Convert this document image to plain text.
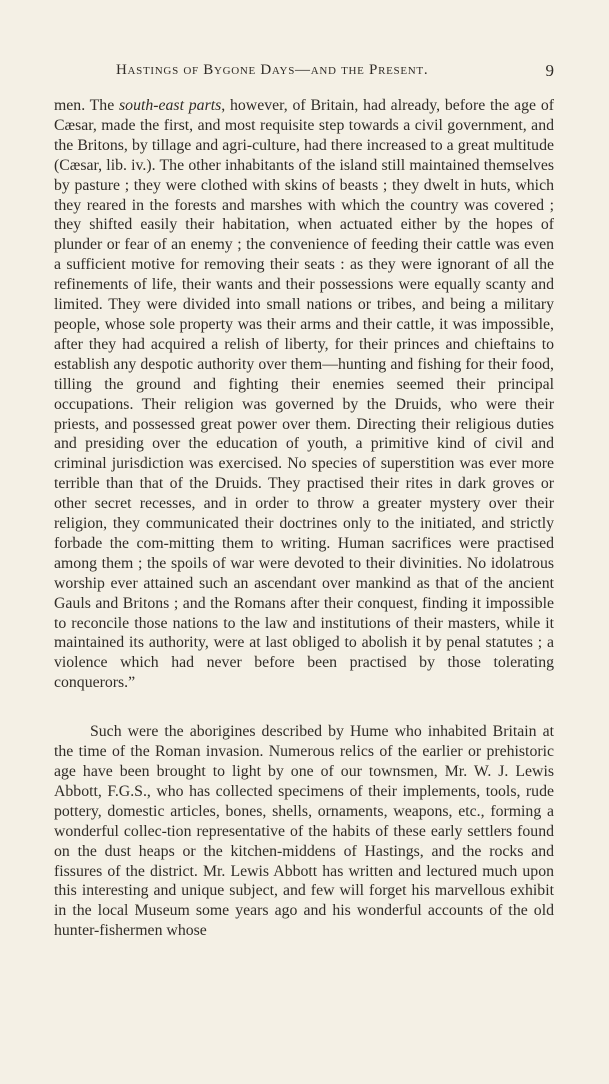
Hastings of Bygone Days—and the Present.	9

men. The south-east parts, however, of Britain, had already, before the age of Cæsar, made the first, and most requisite step towards a civil government, and the Britons, by tillage and agri-culture, had there increased to a great multitude (Cæsar, lib. iv.). The other inhabitants of the island still maintained themselves by pasture ; they were clothed with skins of beasts ; they dwelt in huts, which they reared in the forests and marshes with which the country was covered ; they shifted easily their habitation, when actuated either by the hopes of plunder or fear of an enemy ; the convenience of feeding their cattle was even a sufficient motive for removing their seats : as they were ignorant of all the refinements of life, their wants and their possessions were equally scanty and limited. They were divided into small nations or tribes, and being a military people, whose sole property was their arms and their cattle, it was impossible, after they had acquired a relish of liberty, for their princes and chieftains to establish any despotic authority over them—hunting and fishing for their food, tilling the ground and fighting their enemies seemed their principal occupations. Their religion was governed by the Druids, who were their priests, and possessed great power over them. Directing their religious duties and presiding over the education of youth, a primitive kind of civil and criminal jurisdiction was exercised. No species of superstition was ever more terrible than that of the Druids. They practised their rites in dark groves or other secret recesses, and in order to throw a greater mystery over their religion, they communicated their doctrines only to the initiated, and strictly forbade the com-mitting them to writing. Human sacrifices were practised among them ; the spoils of war were devoted to their divinities. No idolatrous worship ever attained such an ascendant over mankind as that of the ancient Gauls and Britons ; and the Romans after their conquest, finding it impossible to reconcile those nations to the law and institutions of their masters, while it maintained its authority, were at last obliged to abolish it by penal statutes ; a violence which had never before been practised by those tolerating conquerors.”

Such were the aborigines described by Hume who inhabited Britain at the time of the Roman invasion. Numerous relics of the earlier or prehistoric age have been brought to light by one of our townsmen, Mr. W. J. Lewis Abbott, F.G.S., who has collected specimens of their implements, tools, rude pottery, domestic articles, bones, shells, ornaments, weapons, etc., forming a wonderful collec-tion representative of the habits of these early settlers found on the dust heaps or the kitchen-middens of Hastings, and the rocks and fissures of the district. Mr. Lewis Abbott has written and lectured much upon this interesting and unique subject, and few will forget his marvellous exhibit in the local Museum some years ago and his wonderful accounts of the old hunter-fishermen whose
